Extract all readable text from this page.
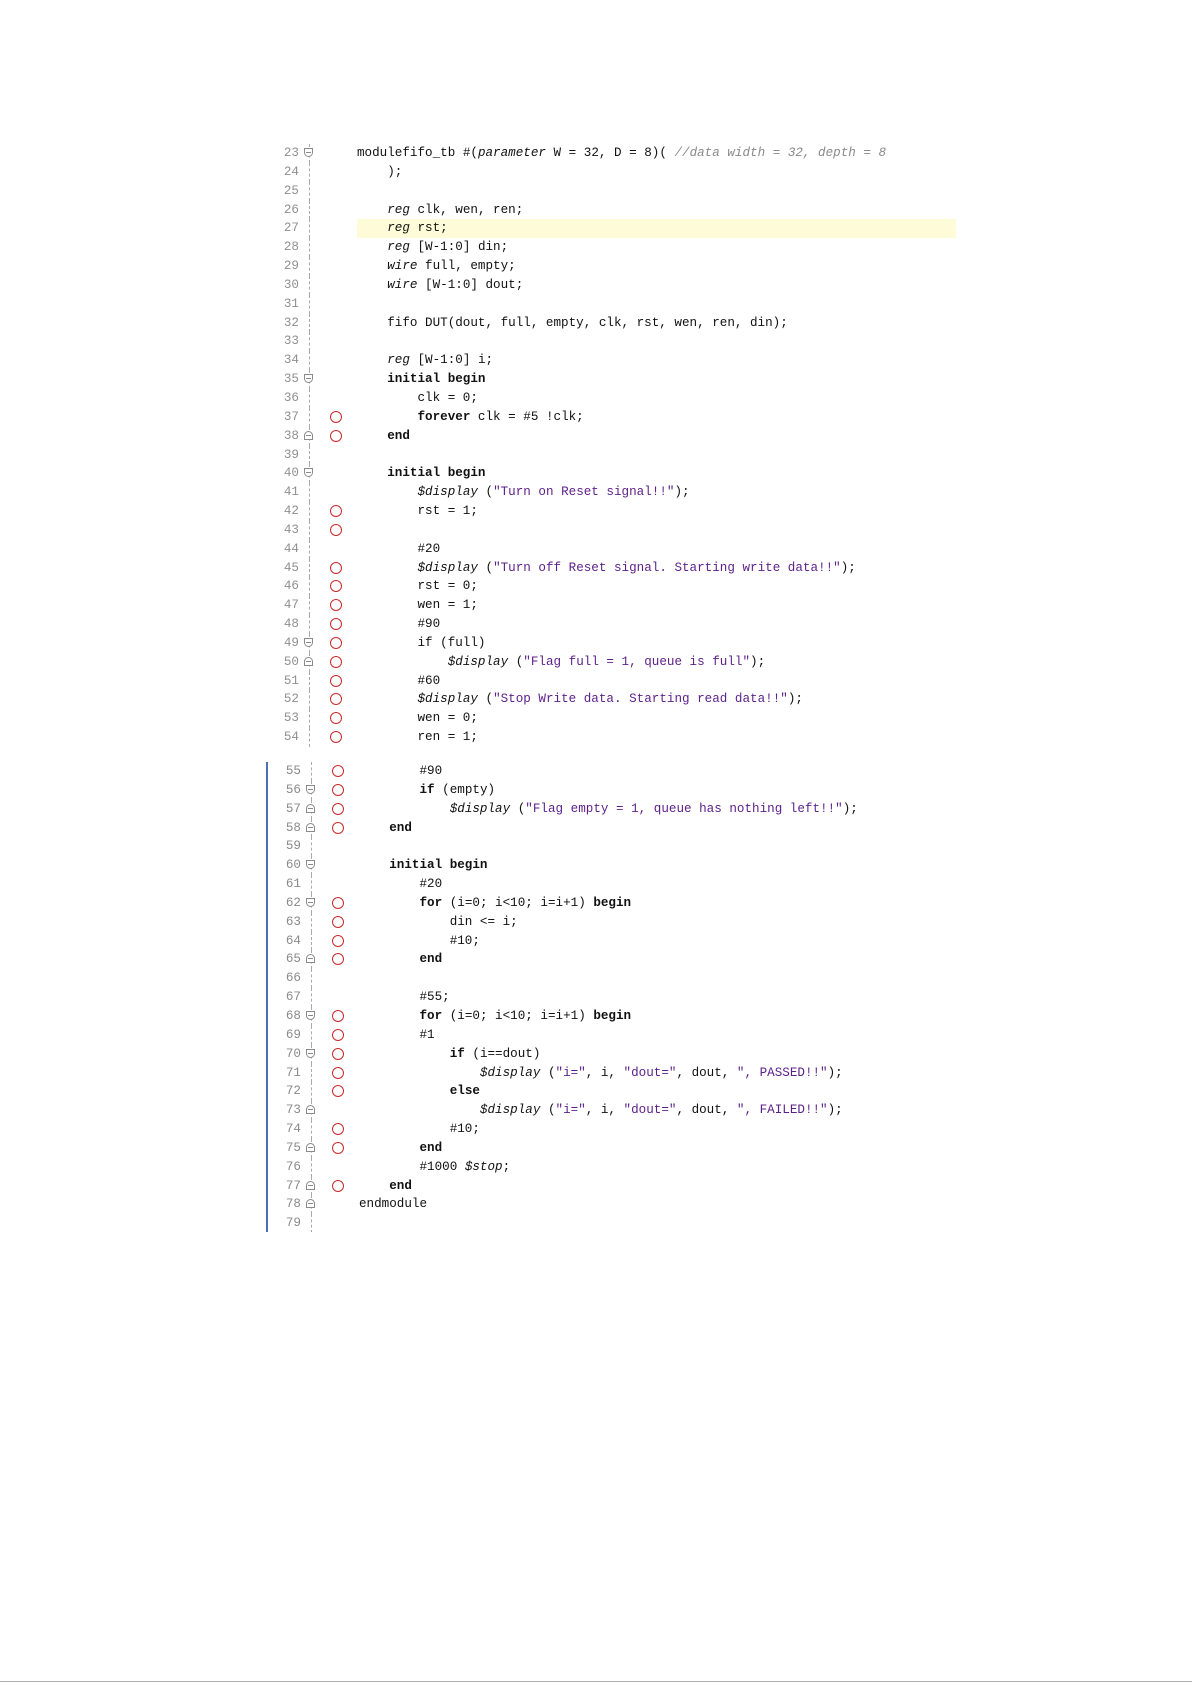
23	modulefifo_tb #(parameter W = 32, D = 8)( //data width = 32, depth = 8
24	);
25
26	reg clk, wen, ren;
27	reg rst;
28	reg [W-1:0] din;
29	wire full, empty;
30	wire [W-1:0] dout;
31
32	fifo DUT(dout, full, empty, clk, rst, wen, ren, din);
33
34	reg [W-1:0] i;
35	initial begin
36	clk = 0;
37	forever clk = #5 !clk;
38	end
39
40	initial begin
41	$display ("Turn on Reset signal!!");
42	rst = 1;
43
44	#20
45	$display ("Turn off Reset signal. Starting write data!!");
46	rst = 0;
47	wen = 1;
48	#90
49	if (full)
50	$display ("Flag full = 1, queue is full");
51	#60
52	$display ("Stop Write data. Starting read data!!");
53	wen = 0;
54	ren = 1;
55	#90
56	if (empty)
57	$display ("Flag empty = 1, queue has nothing left!!");
58	end
59
60	initial begin
61	#20
62	for (i=0; i<10; i=i+1) begin
63	din <= i;
64	#10;
65	end
66
67	#55;
68	for (i=0; i<10; i=i+1) begin
69	#1
70	if (i==dout)
71	$display ("i=", i, "dout=", dout, ", PASSED!!");
72	else
73	$display ("i=", i, "dout=", dout, ", FAILED!!");
74	#10;
75	end
76	#1000 $stop;
77	end
78	endmodule
79
